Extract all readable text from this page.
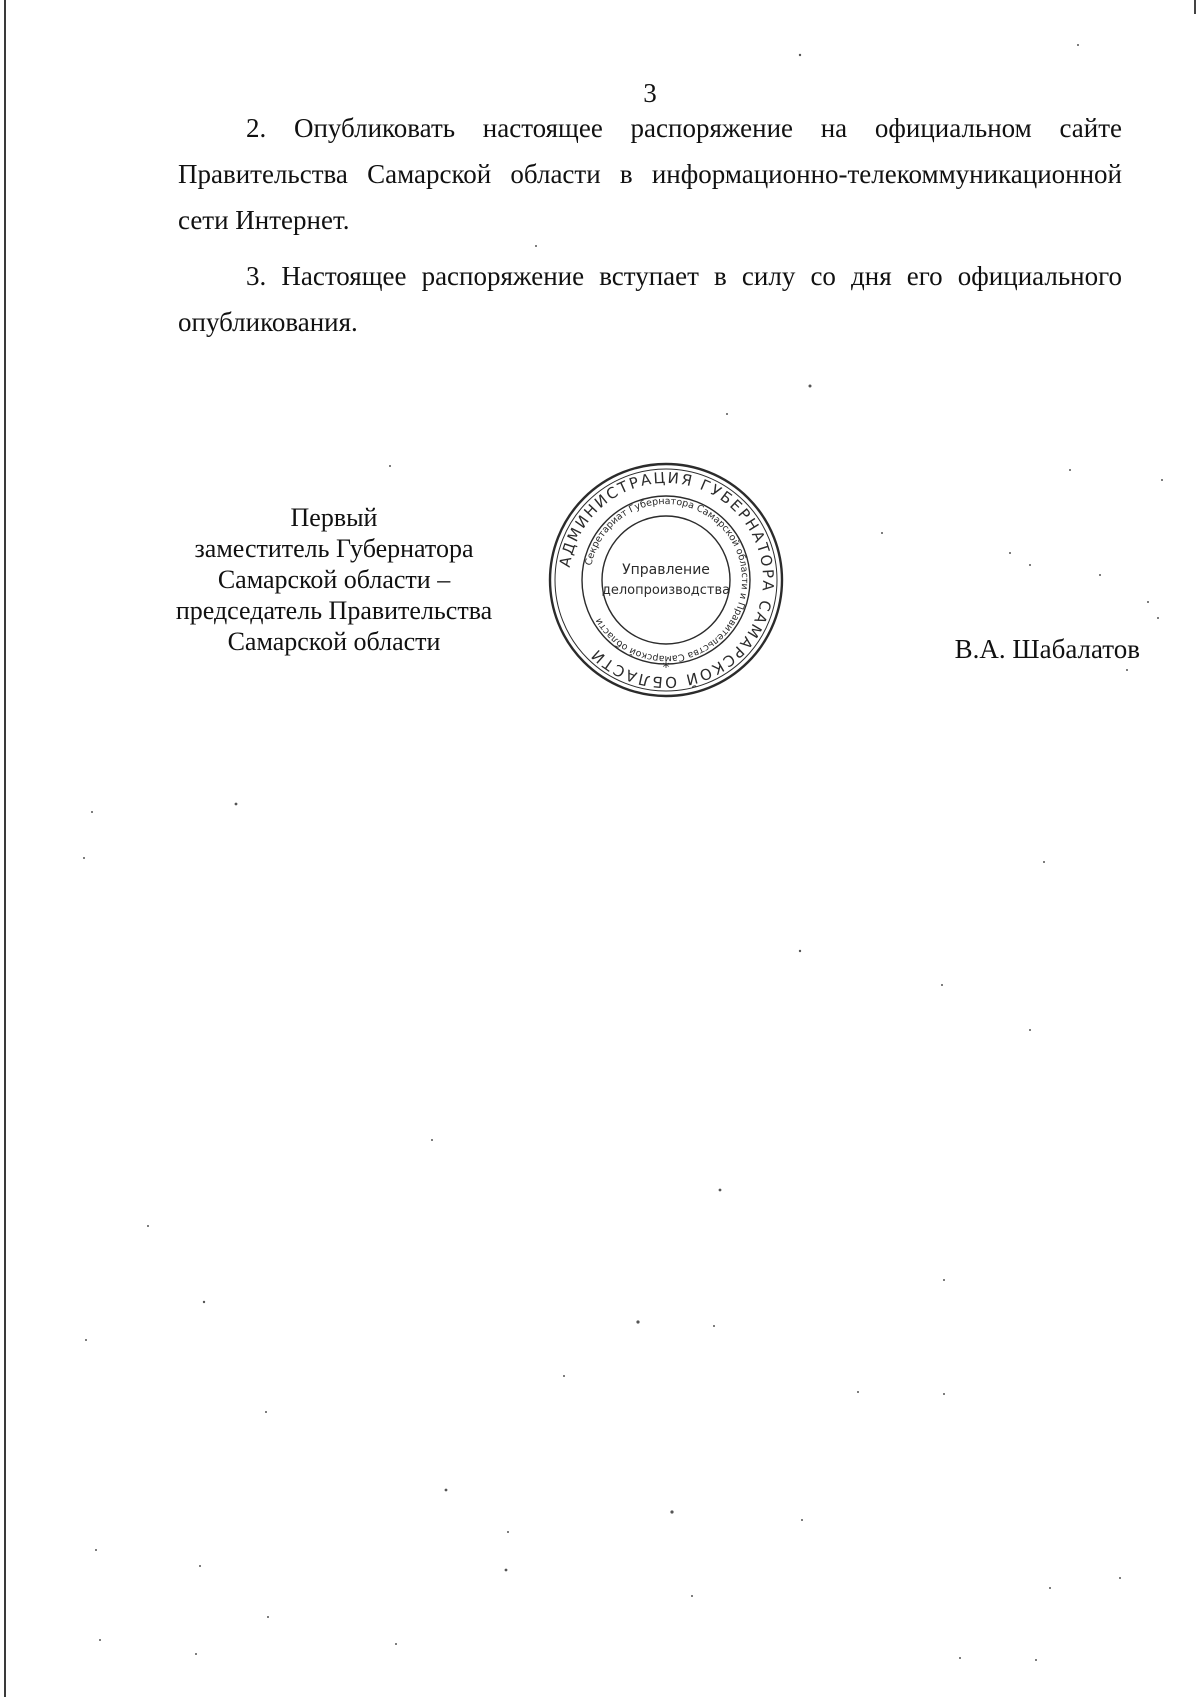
3

2. Опубликовать настоящее распоряжение на официальном сайте Правительства Самарской области в информационно-телекоммуникационной сети Интернет.

3. Настоящее распоряжение вступает в силу со дня его официального опубликования.

Первый
заместитель Губернатора
Самарской области –
председатель Правительства
Самарской области
АДМИНИСТРАЦИЯ ГУБЕРНАТОРА САМАРСКОЙ ОБЛАСТИ
Секретариат Губернатора Самарской области и Правительства Самарской области
Управление
делопроизводства
*
В.А. Шабалатов
